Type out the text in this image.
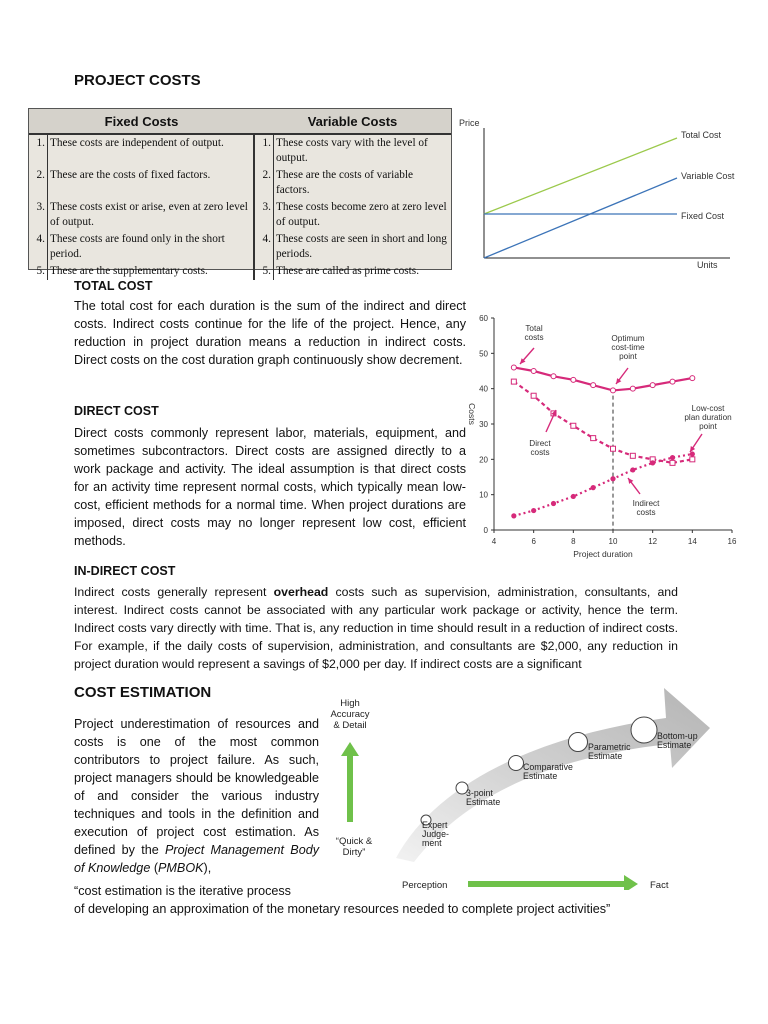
PROJECT COSTS
Fixed Costs		Variable Costs	
1.	These costs are independent of output.	1.	These costs vary with the level of output.
2.	These are the costs of fixed factors.	2.	These are the costs of variable factors.
3.	These costs exist or arise, even at zero level of output.	3.	These costs become zero at zero level of output.
4.	These costs are found only in the short period.	4.	These costs are seen in short and long periods.
5.	These are the supplementary costs.	5.	These are called as prime costs.
Price
Total Cost
Variable Cost
Fixed Cost
Units
TOTAL COST
The total cost for each duration is the sum of the indirect and direct costs. Indirect costs continue for the life of the project. Hence, any reduction in project duration means a reduction in indirect costs. Direct costs on the cost duration graph continuously show decrement.
DIRECT COST
Direct costs commonly represent labor, materials, equipment, and sometimes subcontractors. Direct costs are assigned directly to a work package and activity. The ideal assumption is that direct costs for an activity time represent normal costs, which typically mean low-cost, efficient methods for a normal time. When project durations are imposed, direct costs may no longer represent low cost, efficient methods.
0
10
20
30
40
50
60
4	6	8	10	12	14	16
Project duration
Costs
Total costs	Optimum cost-time point
Low-cost plan duration point
Direct costs
Indirect costs
IN-DIRECT COST
Indirect costs generally represent overhead costs such as supervision, administration, consultants, and interest. Indirect costs cannot be associated with any particular work package or activity, hence the term. Indirect costs vary directly with time. That is, any reduction in time should result in a reduction of indirect costs. For example, if the daily costs of supervision, administration, and consultants are $2,000, any reduction in project duration would represent a savings of $2,000 per day. If indirect costs are a significant
COST ESTIMATION
Project underestimation of resources and costs is one of the most common contributors to project failure. As such, project managers should be knowledgeable of and consider the various industry techniques and tools in the definition and execution of project cost estimation. As defined by the Project Management Body of Knowledge (PMBOK),
“cost estimation is the iterative process
of developing an approximation of the monetary resources needed to complete project activities”
High Accuracy & Detail
“Quick & Dirty”
Expert Judge-ment
3-point Estimate
Comparative Estimate
Parametric Estimate
Bottom-up Estimate
Perception	Fact
